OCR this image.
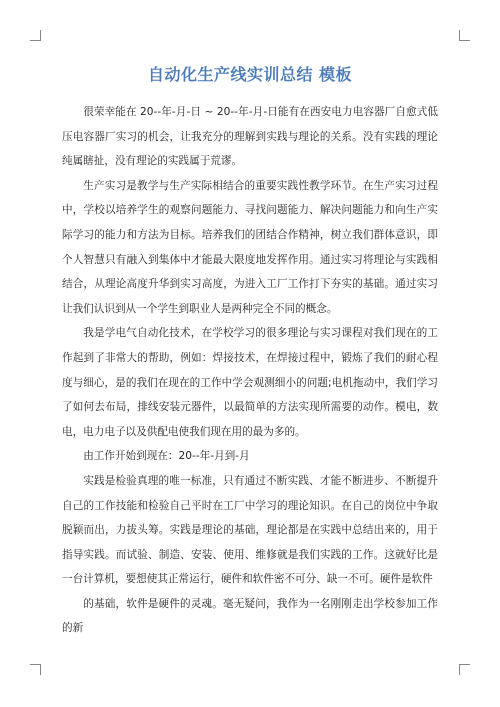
自动化生产线实训总结 模板

很荣幸能在 20--年-月-日 ~ 20--年-月-日能有在西安电力电容器厂自愈式低压电容器厂实习的机会，让我充分的理解到实践与理论的关系。没有实践的理论纯属瞎扯，没有理论的实践属于荒谬。

生产实习是教学与生产实际相结合的重要实践性教学环节。在生产实习过程中，学校以培养学生的观察问题能力、寻找问题能力、解决问题能力和向生产实际学习的能力和方法为目标。培养我们的团结合作精神，树立我们群体意识，即个人智慧只有融入到集体中才能最大限度地发挥作用。通过实习将理论与实践相结合，从理论高度升华到实习高度，为进入工厂工作打下夯实的基础。通过实习让我们认识到从一个学生到职业人是两种完全不同的概念。

我是学电气自动化技术，在学校学习的很多理论与实习课程对我们现在的工作起到了非常大的帮助，例如：焊接技术，在焊接过程中，锻炼了我们的耐心程度与细心，是的我们在现在的工作中学会观测细小的问题;电机拖动中，我们学习了如何去布局，排线安装元器件，以最简单的方法实现所需要的动作。模电，数电，电力电子以及供配电使我们现在用的最为多的。

由工作开始到现在：20--年-月到-月

实践是检验真理的唯一标准，只有通过不断实践、才能不断进步、不断提升自己的工作技能和检验自己平时在工厂中学习的理论知识。在自己的岗位中争取脱颖而出，力拔头筹。实践是理论的基础，理论都是在实践中总结出来的，用于指导实践。而试验、制造、安装、使用、维修就是我们实践的工作。这就好比是一台计算机，要想使其正常运行，硬件和软件密不可分、缺一不可。硬件是软件

的基础，软件是硬件的灵魂。毫无疑问，我作为一名刚刚走出学校参加工作的新
